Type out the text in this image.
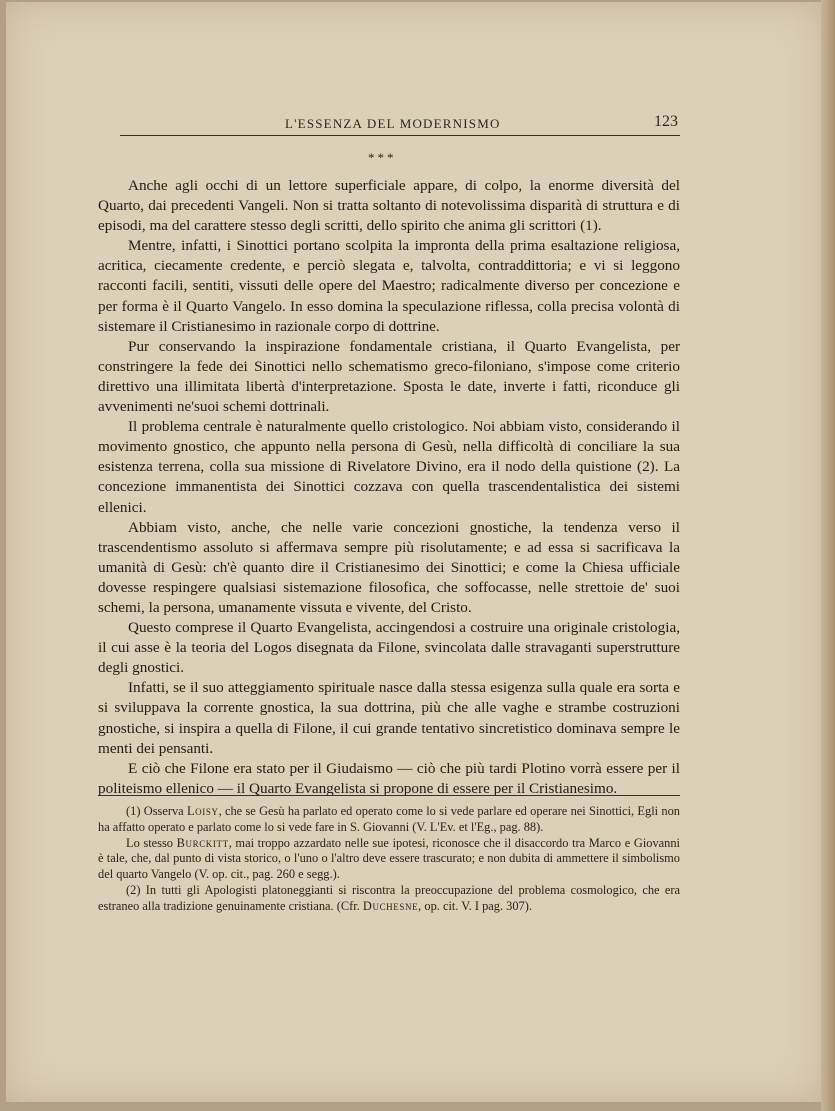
L'ESSENZA DEL MODERNISMO	123
***

Anche agli occhi di un lettore superficiale appare, di colpo, la enorme diversità del Quarto, dai precedenti Vangeli. Non si tratta soltanto di notevolissima disparità di struttura e di episodi, ma del carattere stesso degli scritti, dello spirito che anima gli scrittori (1).

Mentre, infatti, i Sinottici portano scolpita la impronta della prima esaltazione religiosa, acritica, ciecamente credente, e perciò slegata e, talvolta, contraddittoria; e vi si leggono racconti facili, sentiti, vissuti delle opere del Maestro; radicalmente diverso per concezione e per forma è il Quarto Vangelo. In esso domina la speculazione riflessa, colla precisa volontà di sistemare il Cristianesimo in razionale corpo di dottrine.

Pur conservando la inspirazione fondamentale cristiana, il Quarto Evangelista, per constringere la fede dei Sinottici nello schematismo greco-filoniano, s'impose come criterio direttivo una illimitata libertà d'interpretazione. Sposta le date, inverte i fatti, riconduce gli avvenimenti ne'suoi schemi dottrinali.

Il problema centrale è naturalmente quello cristologico. Noi abbiam visto, considerando il movimento gnostico, che appunto nella persona di Gesù, nella difficoltà di conciliare la sua esistenza terrena, colla sua missione di Rivelatore Divino, era il nodo della quistione (2). La concezione immanentista dei Sinottici cozzava con quella trascendentalistica dei sistemi ellenici.

Abbiam visto, anche, che nelle varie concezioni gnostiche, la tendenza verso il trascendentismo assoluto si affermava sempre più risolutamente; e ad essa si sacrificava la umanità di Gesù: ch'è quanto dire il Cristianesimo dei Sinottici; e come la Chiesa ufficiale dovesse respingere qualsiasi sistemazione filosofica, che soffocasse, nelle strettoie de' suoi schemi, la persona, umanamente vissuta e vivente, del Cristo.

Questo comprese il Quarto Evangelista, accingendosi a costruire una originale cristologia, il cui asse è la teoria del Logos disegnata da Filone, svincolata dalle stravaganti superstrutture degli gnostici.

Infatti, se il suo atteggiamento spirituale nasce dalla stessa esigenza sulla quale era sorta e si sviluppava la corrente gnostica, la sua dottrina, più che alle vaghe e strambe costruzioni gnostiche, si inspira a quella di Filone, il cui grande tentativo sincretistico dominava sempre le menti dei pensanti.

E ciò che Filone era stato per il Giudaismo — ciò che più tardi Plotino vorrà essere per il politeismo ellenico — il Quarto Evangelista si propone di essere per il Cristianesimo.

(1) Osserva Loisy, che se Gesù ha parlato ed operato come lo si vede parlare ed operare nei Sinottici, Egli non ha affatto operato e parlato come lo si vede fare in S. Giovanni (V. L'Ev. et l'Eg., pag. 88).

Lo stesso Burckitt, mai troppo azzardato nelle sue ipotesi, riconosce che il disaccordo tra Marco e Giovanni è tale, che, dal punto di vista storico, o l'uno o l'altro deve essere trascurato; e non dubita di ammettere il simbolismo del quarto Vangelo (V. op. cit., pag. 260 e segg.).

(2) In tutti gli Apologisti platoneggianti si riscontra la preoccupazione del problema cosmologico, che era estraneo alla tradizione genuinamente cristiana. (Cfr. Duchesne, op. cit. V. I pag. 307).
